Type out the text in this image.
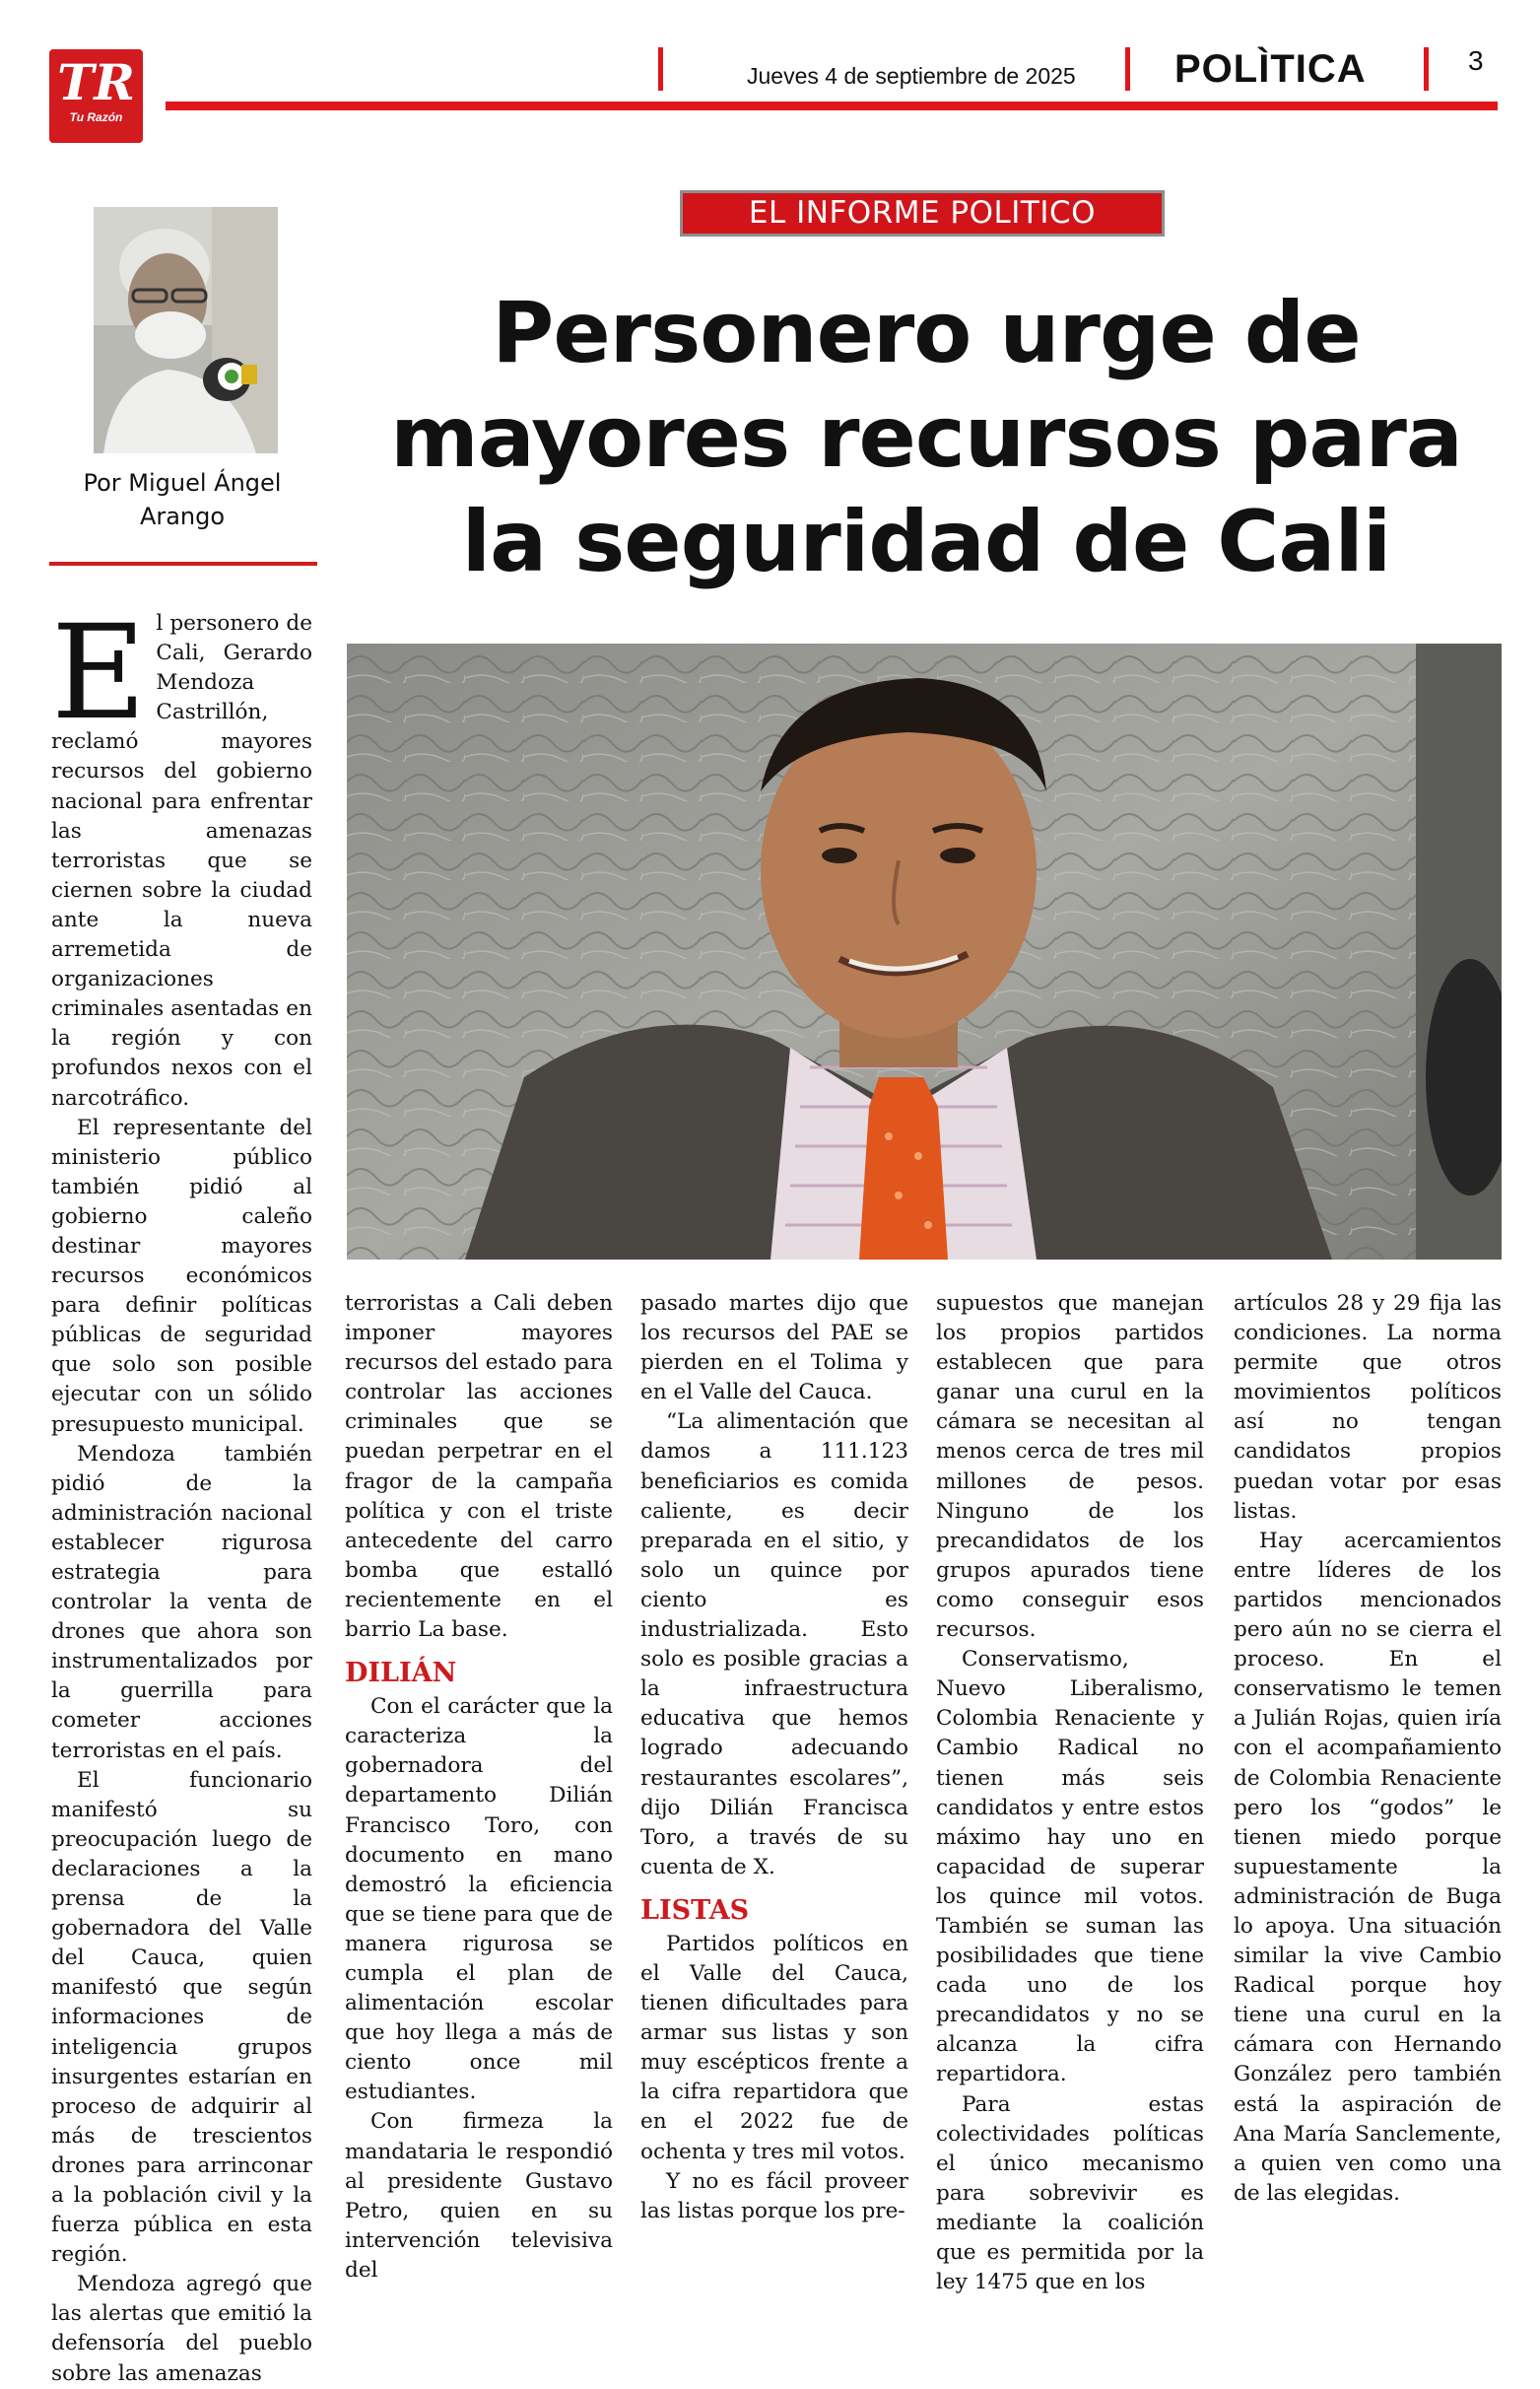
TR
Tu Razón
Jueves 4 de septiembre de 2025	POLÌTICA	3
Por Miguel Ángel
Arango
EL INFORME POLITICO
Personero urge de mayores recursos para la seguridad de Cali

El personero de Cali, Gerardo Mendoza Castrillón, reclamó mayores recursos del gobierno nacional para enfrentar las amenazas terroristas que se ciernen sobre la ciudad ante la nueva arremetida de organizaciones criminales asentadas en la región y con profundos nexos con el narcotráfico.

El representante del ministerio público también pidió al gobierno caleño destinar mayores recursos económicos para definir políticas públicas de seguridad que solo son posible ejecutar con un sólido presupuesto municipal.

Mendoza también pidió de la administración nacional establecer rigurosa estrategia para controlar la venta de drones que ahora son instrumentalizados por la guerrilla para cometer acciones terroristas en el país.

El funcionario manifestó su preocupación luego de declaraciones a la prensa de la gobernadora del Valle del Cauca, quien manifestó que según informaciones de inteligencia grupos insurgentes estarían en proceso de adquirir al más de trescientos drones para arrinconar a la población civil y la fuerza pública en esta región.

Mendoza agregó que las alertas que emitió la defensoría del pueblo sobre las amenazas

terroristas a Cali deben imponer mayores recursos del estado para controlar las acciones criminales que se puedan perpetrar en el fragor de la campaña política y con el triste antecedente del carro bomba que estalló recientemente en el barrio La base.

DILIÁN

Con el carácter que la caracteriza la gobernadora del departamento Dilián Francisco Toro, con documento en mano demostró la eficiencia que se tiene para que de manera rigurosa se cumpla el plan de alimentación escolar que hoy llega a más de ciento once mil estudiantes.

Con firmeza la mandataria le respondió al presidente Gustavo Petro, quien en su intervención televisiva del

pasado martes dijo que los recursos del PAE se pierden en el Tolima y en el Valle del Cauca.

“La alimentación que damos a 111.123 beneficiarios es comida caliente, es decir preparada en el sitio, y solo un quince por ciento es industrializada. Esto solo es posible gracias a la infraestructura educativa que hemos logrado adecuando restaurantes escolares”, dijo Dilián Francisca Toro, a través de su cuenta de X.

LISTAS

Partidos políticos en el Valle del Cauca, tienen dificultades para armar sus listas y son muy escépticos frente a la cifra repartidora que en el 2022 fue de ochenta y tres mil votos.

Y no es fácil proveer las listas porque los pre-

supuestos que manejan los propios partidos establecen que para ganar una curul en la cámara se necesitan al menos cerca de tres mil millones de pesos. Ninguno de los precandidatos de los grupos apurados tiene como conseguir esos recursos.

Conservatismo, Nuevo Liberalismo, Colombia Renaciente y Cambio Radical no tienen más seis candidatos y entre estos máximo hay uno en capacidad de superar los quince mil votos. También se suman las posibilidades que tiene cada uno de los precandidatos y no se alcanza la cifra repartidora.

Para estas colectividades políticas el único mecanismo para sobrevivir es mediante la coalición que es permitida por la ley 1475 que en los

artículos 28 y 29 fija las condiciones. La norma permite que otros movimientos políticos así no tengan candidatos propios puedan votar por esas listas.

Hay acercamientos entre líderes de los partidos mencionados pero aún no se cierra el proceso. En el conservatismo le temen a Julián Rojas, quien iría con el acompañamiento de Colombia Renaciente pero los “godos” le tienen miedo porque supuestamente la administración de Buga lo apoya. Una situación similar la vive Cambio Radical porque hoy tiene una curul en la cámara con Hernando González pero también está la aspiración de Ana María Sanclemente, a quien ven como una de las elegidas.
